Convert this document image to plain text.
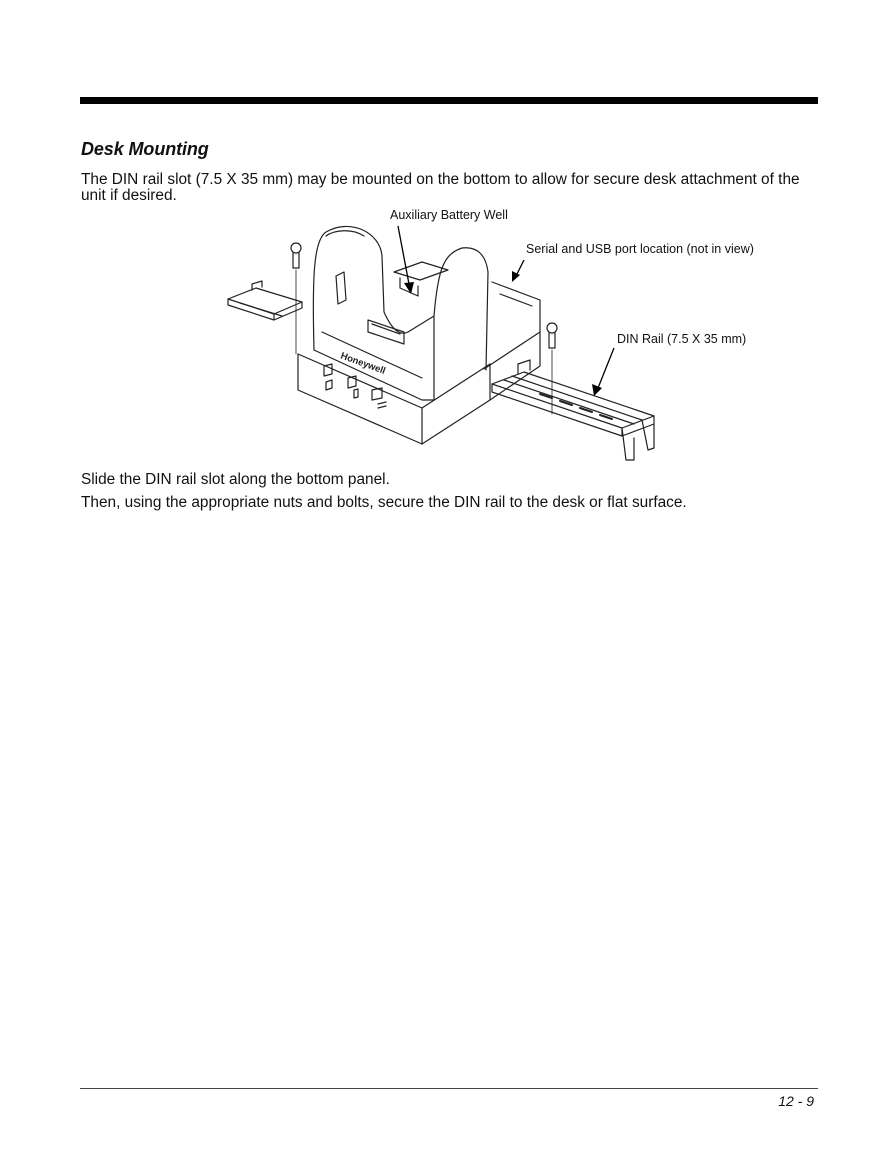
Desk Mounting

The DIN rail slot (7.5 X 35 mm) may be mounted on the bottom to allow for secure desk attachment of the unit if desired.

Honeywell
Auxiliary Battery Well
Serial and USB port location (not in view)
DIN Rail (7.5 X 35 mm)

Slide the DIN rail slot along the bottom panel.

Then, using the appropriate nuts and bolts, secure the DIN rail to the desk or flat surface.

12 - 9
